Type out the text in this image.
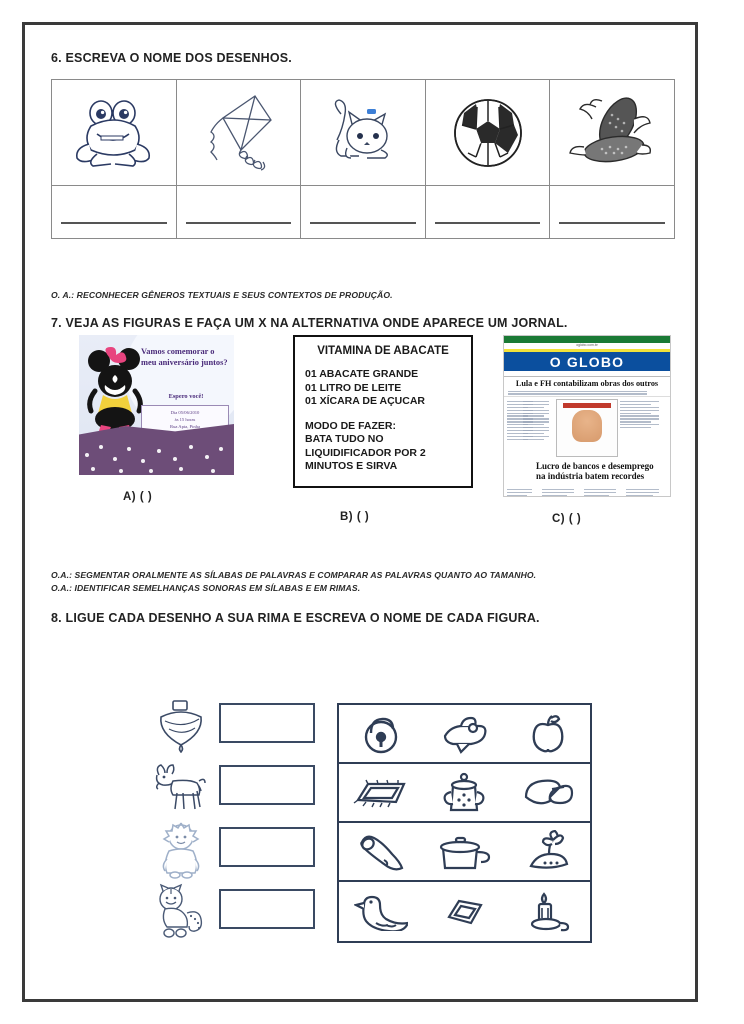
6. ESCREVA O NOME DOS DESENHOS.
O. A.: RECONHECER GÊNEROS TEXTUAIS E SEUS CONTEXTOS DE PRODUÇÃO.
7. VEJA AS FIGURAS E FAÇA UM X NA ALTERNATIVA ONDE APARECE UM JORNAL.
Vamos comemorar o meu aniversário juntos?
Espero você!
Dia 05/06/2010
às 15 horas
Rua Apta, Pinha
VITAMINA DE ABACATE
01 ABACATE GRANDE
01 LITRO DE LEITE
01 XÍCARA DE AÇUCAR
MODO DE FAZER:
BATA TUDO NO
LIQUIDIFICADOR POR 2
MINUTOS E SIRVA
oglobo.com.br
O GLOBO
Lula e FH contabilizam obras dos outros
Lucro de bancos e desemprego
na indústria batem recordes
A) ( )
B) ( )	C) ( )
O.A.: SEGMENTAR ORALMENTE AS SÍLABAS DE PALAVRAS E COMPARAR AS PALAVRAS QUANTO AO TAMANHO.
O.A.: IDENTIFICAR SEMELHANÇAS SONORAS EM SÍLABAS E EM RIMAS.
8. LIGUE CADA DESENHO A SUA RIMA E ESCREVA O NOME DE CADA FIGURA.
